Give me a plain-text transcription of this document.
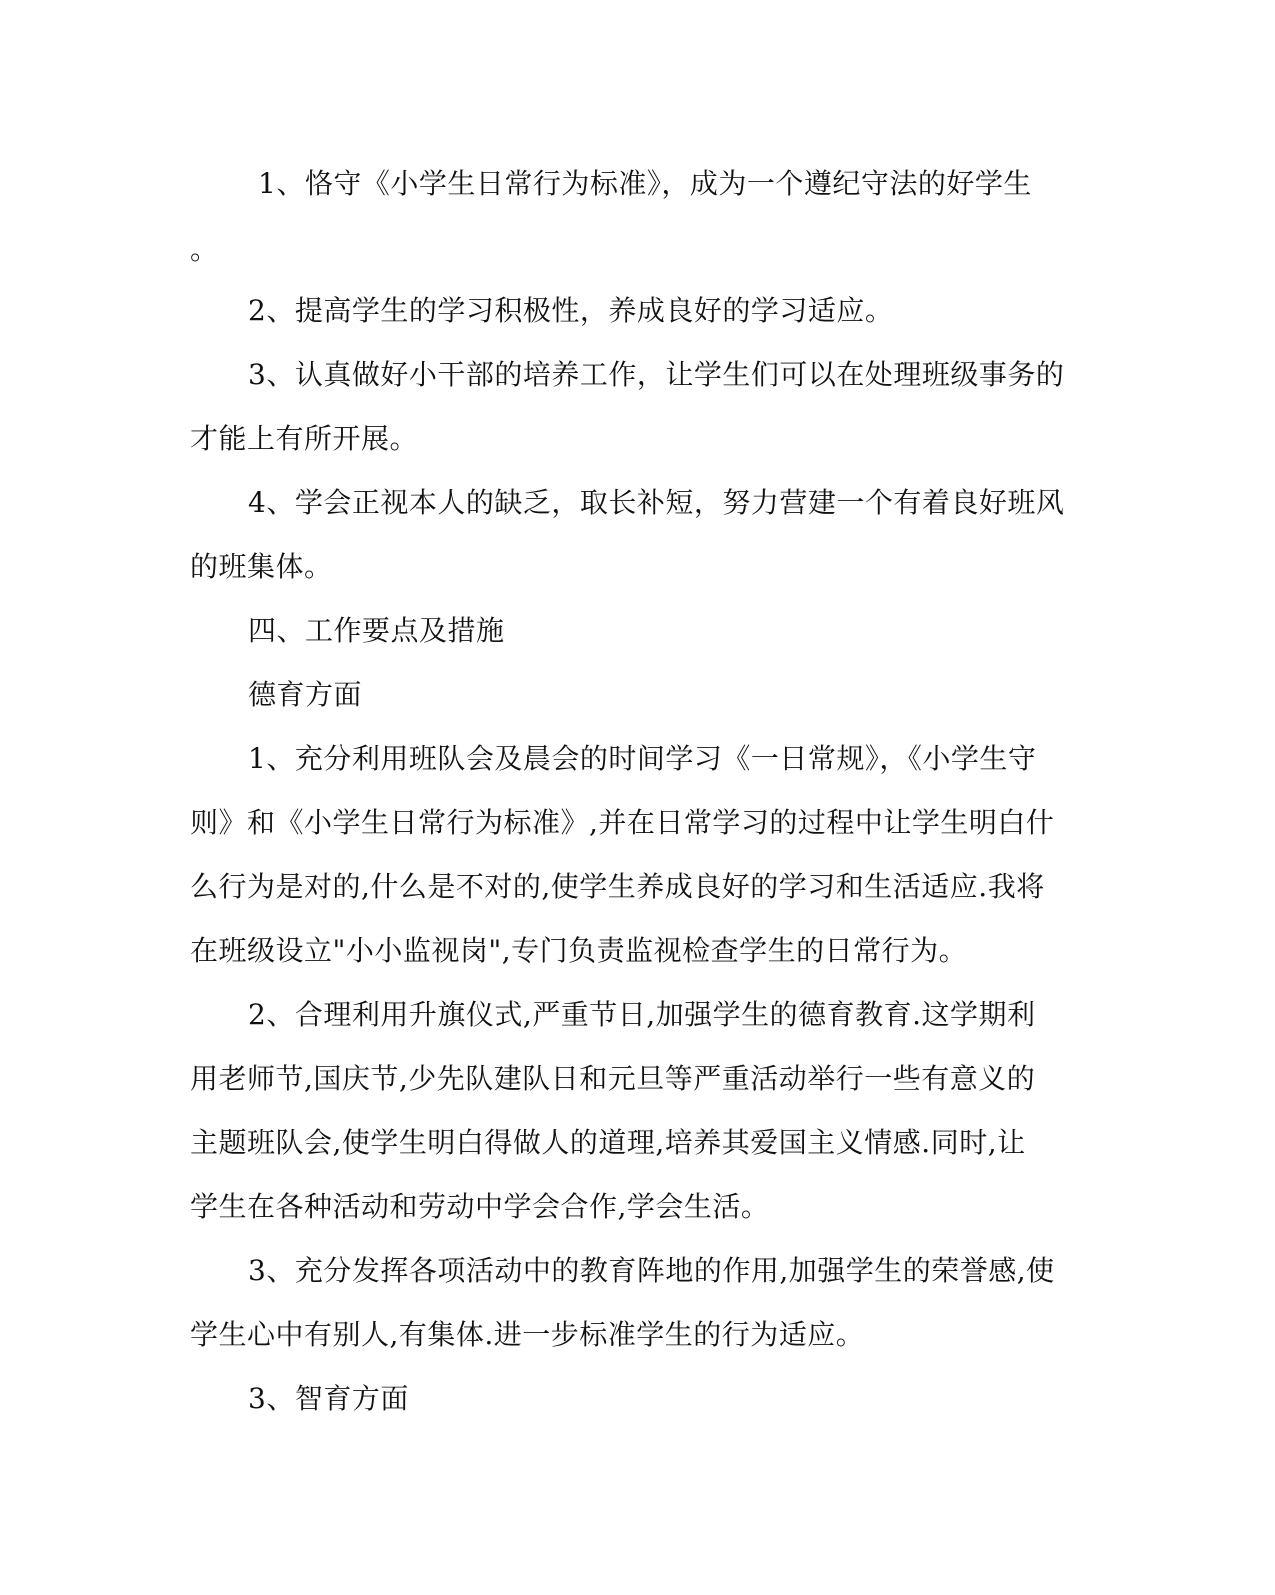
1、恪守《小学生日常行为标准》，成为一个遵纪守法的好学生
。
2、提高学生的学习积极性，养成良好的学习适应。
3、认真做好小干部的培养工作，让学生们可以在处理班级事务的
才能上有所开展。
4、学会正视本人的缺乏，取长补短，努力营建一个有着良好班风
的班集体。
四、工作要点及措施
德育方面
1、充分利用班队会及晨会的时间学习《一日常规》，《小学生守
则》和《小学生日常行为标准》,并在日常学习的过程中让学生明白什
么行为是对的,什么是不对的,使学生养成良好的学习和生活适应.我将
在班级设立"小小监视岗",专门负责监视检查学生的日常行为。
2、合理利用升旗仪式,严重节日,加强学生的德育教育.这学期利
用老师节,国庆节,少先队建队日和元旦等严重活动举行一些有意义的
主题班队会,使学生明白得做人的道理,培养其爱国主义情感.同时,让
学生在各种活动和劳动中学会合作,学会生活。
3、充分发挥各项活动中的教育阵地的作用,加强学生的荣誉感,使
学生心中有别人,有集体.进一步标准学生的行为适应。
3、智育方面
